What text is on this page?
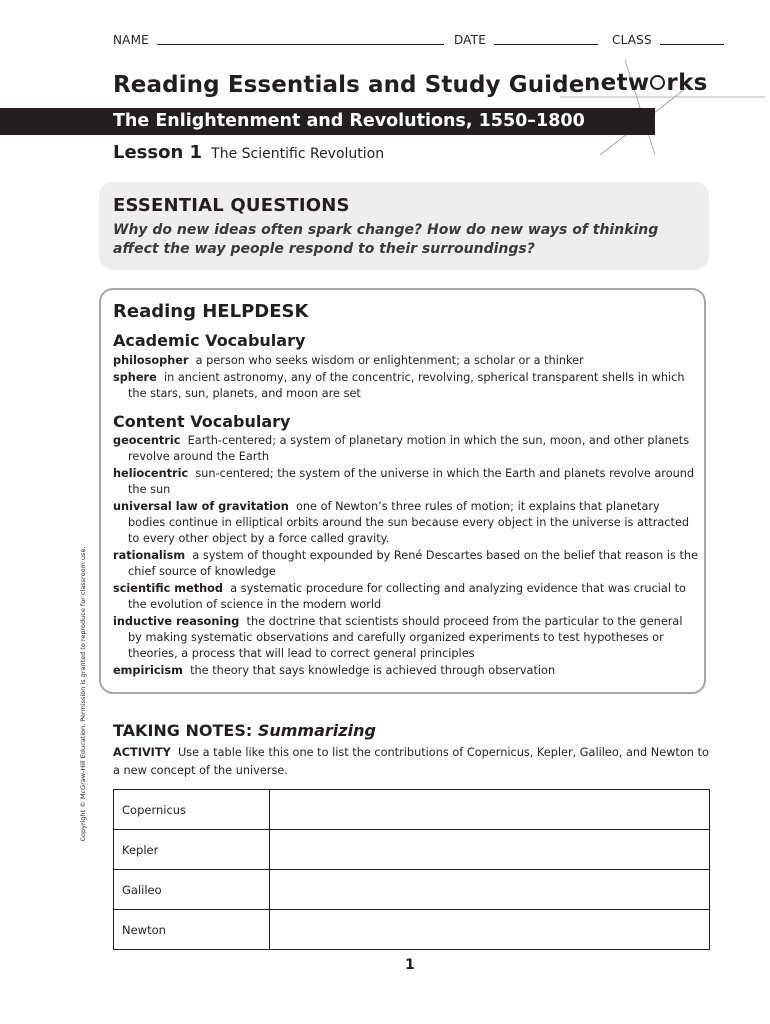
NAME	DATE	CLASS
Reading Essentials and Study Guide netw rks
The Enlightenment and Revolutions, 1550–1800
Lesson 1 The Scientific Revolution
ESSENTIAL QUESTIONS
Why do new ideas often spark change? How do new ways of thinking affect the way people respond to their surroundings?
Reading HELPDESK
Academic Vocabulary
philosopher a person who seeks wisdom or enlightenment; a scholar or a thinker
sphere in ancient astronomy, any of the concentric, revolving, spherical transparent shells in which the stars, sun, planets, and moon are set
Content Vocabulary
geocentric Earth-centered; a system of planetary motion in which the sun, moon, and other planets revolve around the Earth
heliocentric sun-centered; the system of the universe in which the Earth and planets revolve around the sun
universal law of gravitation one of Newton’s three rules of motion; it explains that planetary bodies continue in elliptical orbits around the sun because every object in the universe is attracted to every other object by a force called gravity.
rationalism a system of thought expounded by René Descartes based on the belief that reason is the chief source of knowledge
scientific method a systematic procedure for collecting and analyzing evidence that was crucial to the evolution of science in the modern world
inductive reasoning the doctrine that scientists should proceed from the particular to the general by making systematic observations and carefully organized experiments to test hypotheses or theories, a process that will lead to correct general principles
empiricism the theory that says knowledge is achieved through observation
TAKING NOTES: Summarizing
ACTIVITY Use a table like this one to list the contributions of Copernicus, Kepler, Galileo, and Newton to a new concept of the universe.
Copernicus	
Kepler	
Galileo	
Newton	
1
Copyright © McGraw-Hill Education. Permission is granted to reproduce for classroom use.
